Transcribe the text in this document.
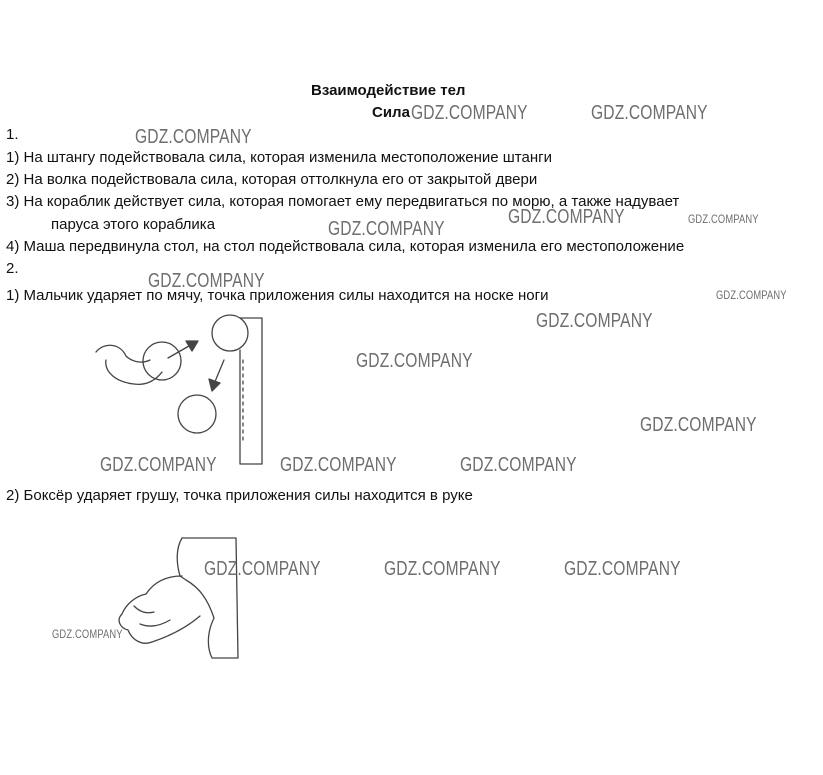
Взаимодействие тел
Сила
1.
1) На штангу подействовала сила, которая изменила местоположение штанги
2) На волка подействовала сила, которая оттолкнула его от закрытой двери
3) На кораблик действует сила, которая помогает ему передвигаться по морю, а также надувает
паруса этого кораблика
4) Маша передвинула стол, на стол подействовала сила, которая изменила его местоположение
2.
1) Мальчик ударяет по мячу, точка приложения силы находится на носке ноги
2) Боксёр ударяет грушу, точка приложения силы находится в руке
GDZ.COMPANY	GDZ.COMPANY
GDZ.COMPANY
GDZ.COMPANY	GDZ.COMPANY
GDZ.COMPANY
GDZ.COMPANY
GDZ.COMPANY
GDZ.COMPANY
GDZ.COMPANY
GDZ.COMPANY
GDZ.COMPANY	GDZ.COMPANY	GDZ.COMPANY
GDZ.COMPANY	GDZ.COMPANY	GDZ.COMPANY
GDZ.COMPANY
